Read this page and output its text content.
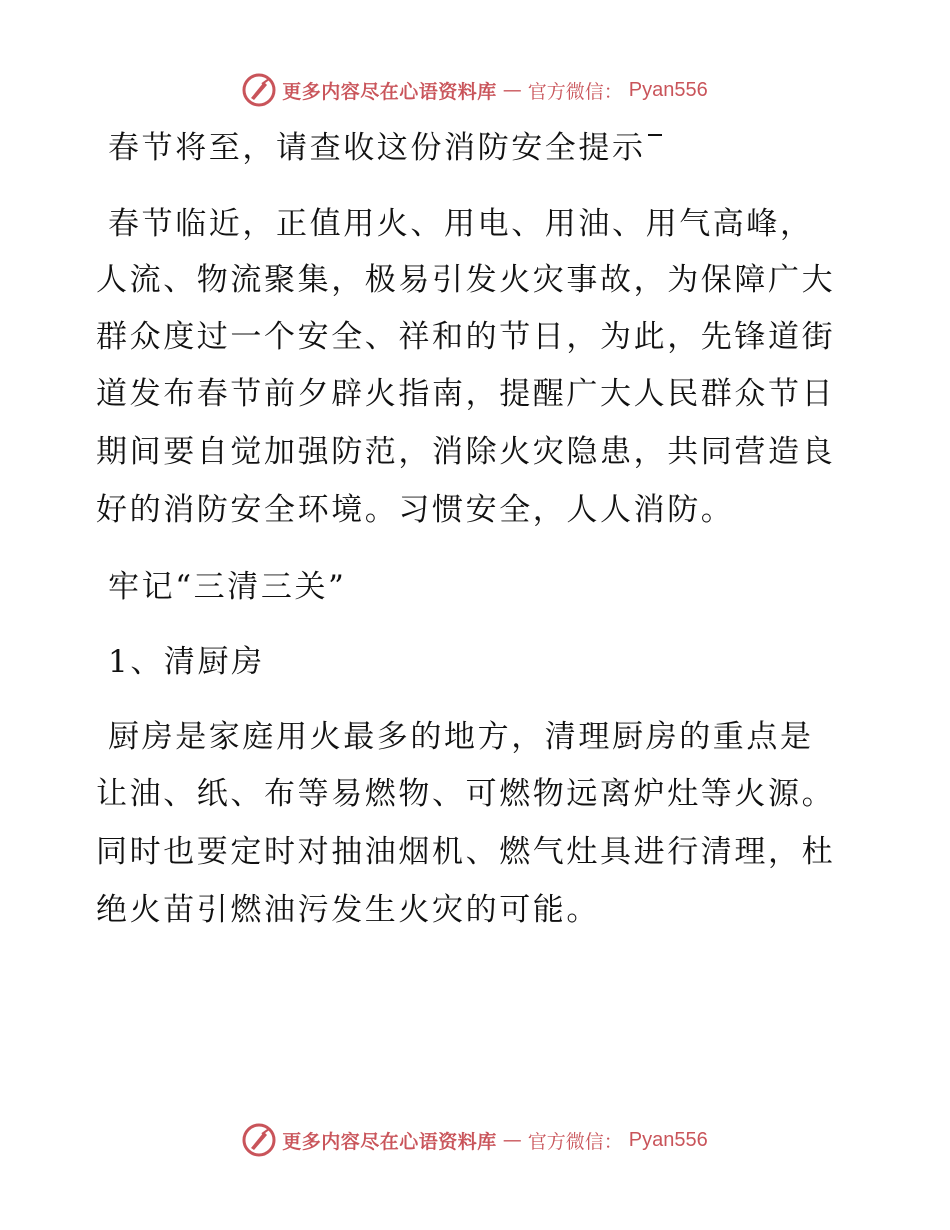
更多内容尽在心语资料库 — 官方微信： Pyan556
春节将至，请查收这份消防安全提示
春节临近，正值用火、用电、用油、用气高峰，
人流、物流聚集，极易引发火灾事故，为保障广大
群众度过一个安全、祥和的节日，为此，先锋道街
道发布春节前夕辟火指南，提醒广大人民群众节日
期间要自觉加强防范，消除火灾隐患，共同营造良
好的消防安全环境。习惯安全，人人消防。
牢记“三清三关”
1、清厨房
厨房是家庭用火最多的地方，清理厨房的重点是
让油、纸、布等易燃物、可燃物远离炉灶等火源。
同时也要定时对抽油烟机、燃气灶具进行清理，杜
绝火苗引燃油污发生火灾的可能。
更多内容尽在心语资料库 — 官方微信： Pyan556
